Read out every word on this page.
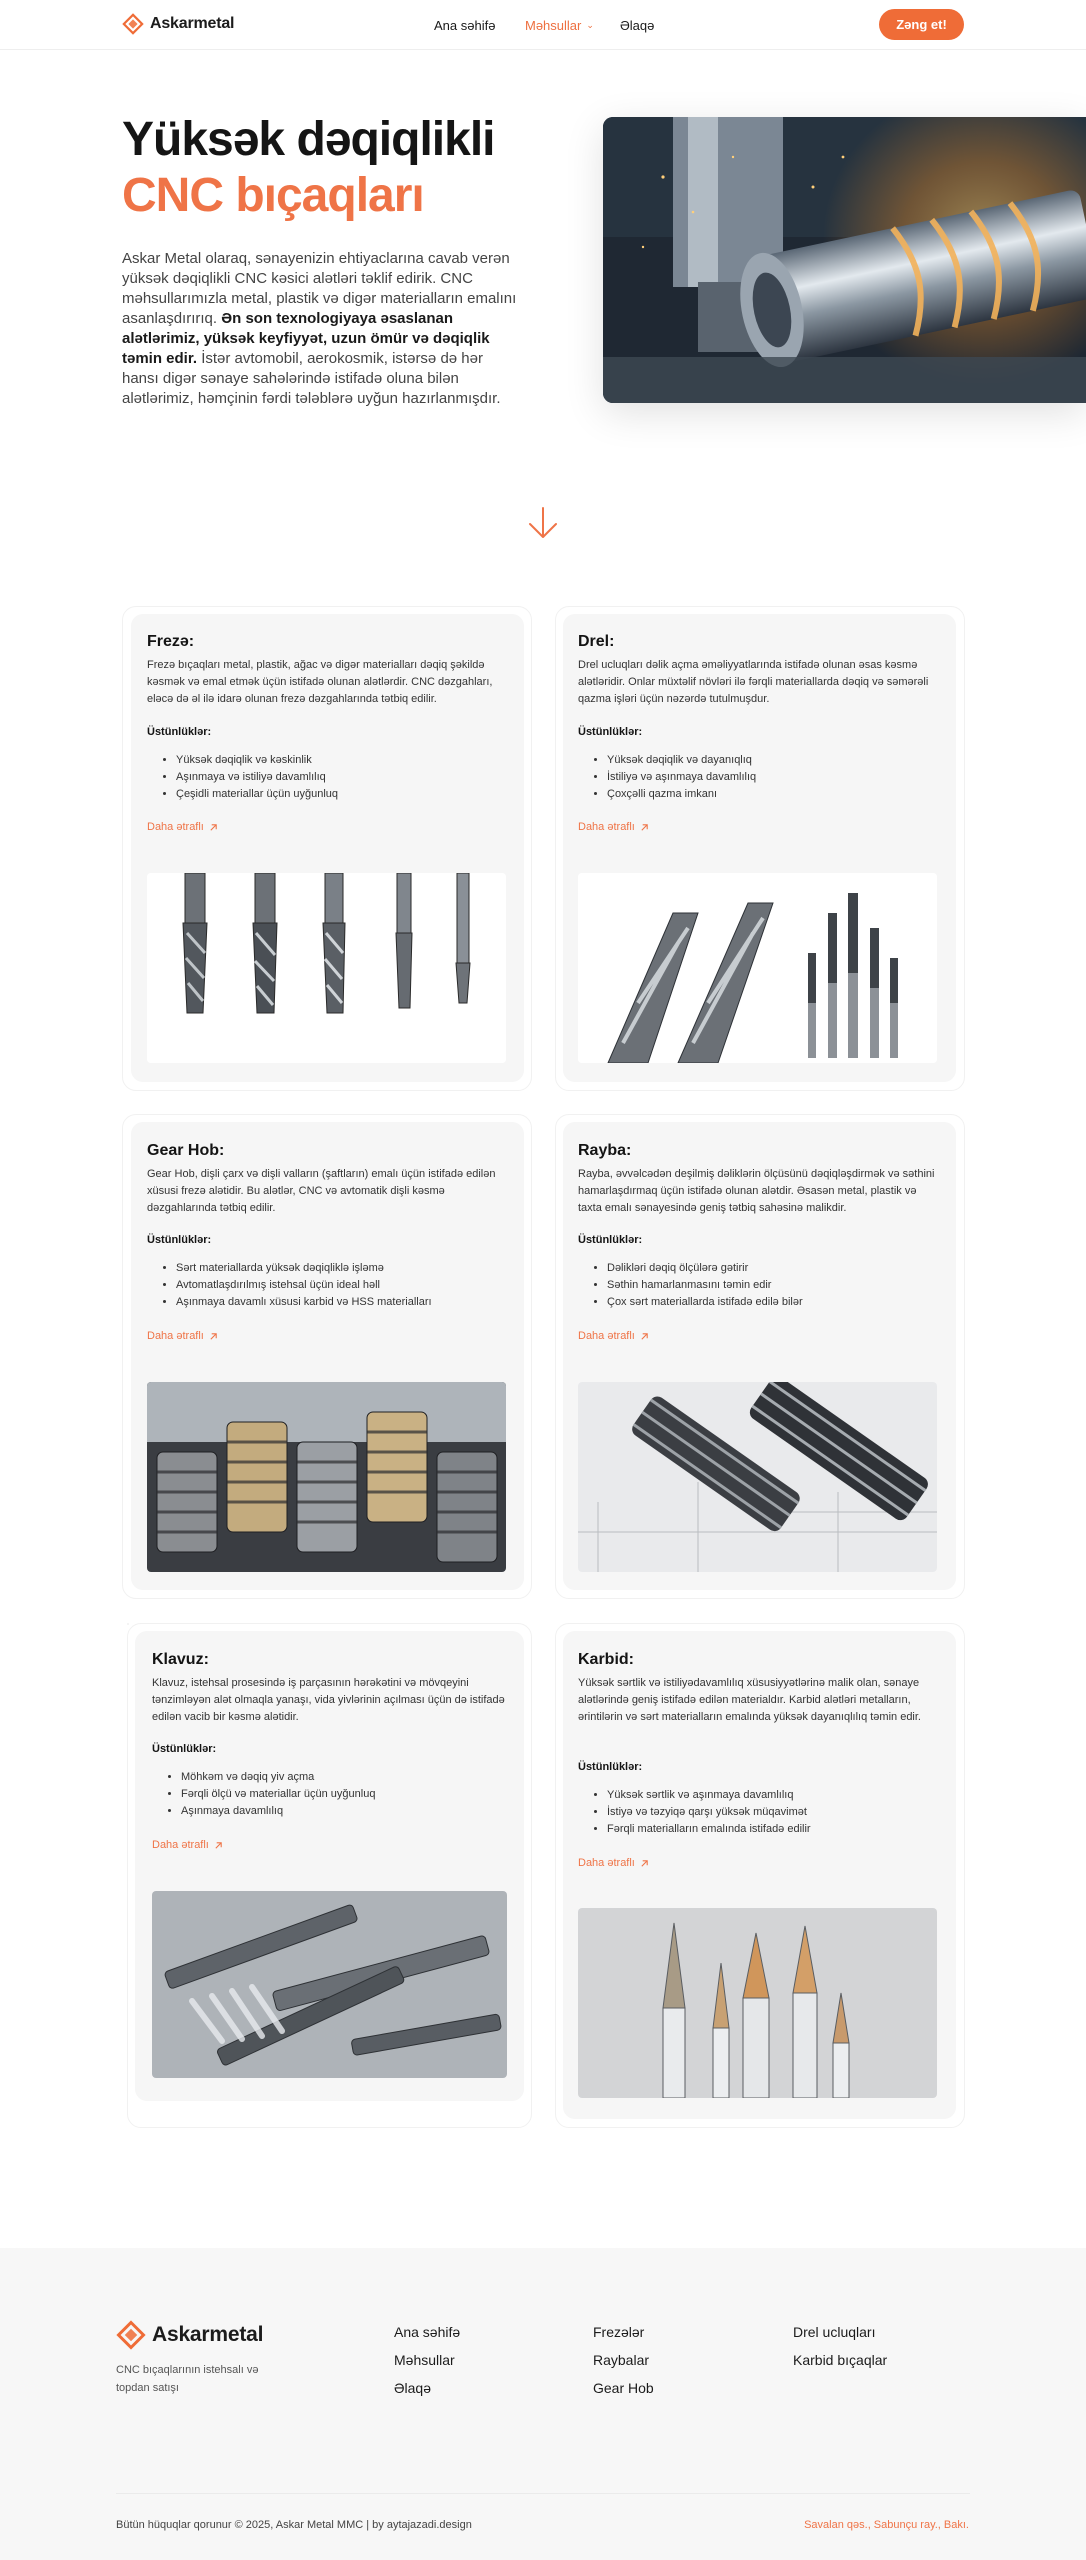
Askarmetal	Ana səhifə Məhsullar ⌄ Əlaqə	Zəng et!
Yüksək dəqiqlikli
CNC bıçaqları

Askar Metal olaraq, sənayenizin ehtiyaclarına cavab verən yüksək dəqiqlikli CNC kəsici alətləri təklif edirik. CNC məhsullarımızla metal, plastik və digər materialların emalını asanlaşdırırıq. Ən son texnologiyaya əsaslanan alətlərimiz, yüksək keyfiyyət, uzun ömür və dəqiqlik təmin edir. İstər avtomobil, aerokosmik, istərsə də hər hansı digər sənaye sahələrində istifadə oluna bilən alətlərimiz, həmçinin fərdi tələblərə uyğun hazırlanmışdır.

Frezə:
Frezə bıçaqları metal, plastik, ağac və digər materialları dəqiq şəkildə kəsmək və emal etmək üçün istifadə olunan alətlərdir. CNC dəzgahları, eləcə də əl ilə idarə olunan frezə dəzgahlarında tətbiq edilir.
Üstünlüklər:
• Yüksək dəqiqlik və kəskinlik
• Aşınmaya və istiliyə davamlılıq
• Çeşidli materiallar üçün uyğunluq
Daha ətraflı
Drel:
Drel ucluqları dəlik açma əməliyyatlarında istifadə olunan əsas kəsmə alətləridir. Onlar müxtəlif növləri ilə fərqli materiallarda dəqiq və səmərəli qazma işləri üçün nəzərdə tutulmuşdur.
Üstünlüklər:
• Yüksək dəqiqlik və dayanıqlıq
• İstiliyə və aşınmaya davamlılıq
• Çoxçəlli qazma imkanı
Daha ətraflı
Gear Hob:
Gear Hob, dişli çarx və dişli valların (şaftların) emalı üçün istifadə edilən xüsusi frezə alətidir. Bu alətlər, CNC və avtomatik dişli kəsmə dəzgahlarında tətbiq edilir.
Üstünlüklər:
• Sərt materiallarda yüksək dəqiqliklə işləmə
• Avtomatlaşdırılmış istehsal üçün ideal həll
• Aşınmaya davamlı xüsusi karbid və HSS materialları
Daha ətraflı
Rayba:
Rayba, əvvəlcədən deşilmiş dəliklərin ölçüsünü dəqiqləşdirmək və səthini hamarlaşdırmaq üçün istifadə olunan alətdir. Əsasən metal, plastik və taxta emalı sənayesində geniş tətbiq sahəsinə malikdir.
Üstünlüklər:
• Dəlikləri dəqiq ölçülərə gətirir
• Səthin hamarlanmasını təmin edir
• Çox sərt materiallarda istifadə edilə bilər
Daha ətraflı
Klavuz:
Klavuz, istehsal prosesində iş parçasının hərəkətini və mövqeyini tənzimləyən alət olmaqla yanaşı, vida yivlərinin açılması üçün də istifadə edilən vacib bir kəsmə alətidir.
Üstünlüklər:
• Möhkəm və dəqiq yiv açma
• Fərqli ölçü və materiallar üçün uyğunluq
• Aşınmaya davamlılıq
Daha ətraflı
Karbid:
Yüksək sərtlik və istiliyədavamlılıq xüsusiyyətlərinə malik olan, sənaye alətlərində geniş istifadə edilən materialdır. Karbid alətləri metalların, ərintilərin və sərt materialların emalında yüksək dayanıqlılıq təmin edir.
Üstünlüklər:
• Yüksək sərtlik və aşınmaya davamlılıq
• İstiyə və təzyiqə qarşı yüksək müqavimət
• Fərqli materialların emalında istifadə edilir
Daha ətraflı
Askarmetal
CNC bıçaqlarının istehsalı və topdan satışı
Ana səhifə
Məhsullar
Əlaqə
Frezələr
Raybalar
Gear Hob
Drel ucluqları
Karbid bıçaqlar
Bütün hüquqlar qorunur © 2025, Askar Metal MMC | by aytajazadi.design	Savalan qəs., Sabunçu ray., Bakı.
